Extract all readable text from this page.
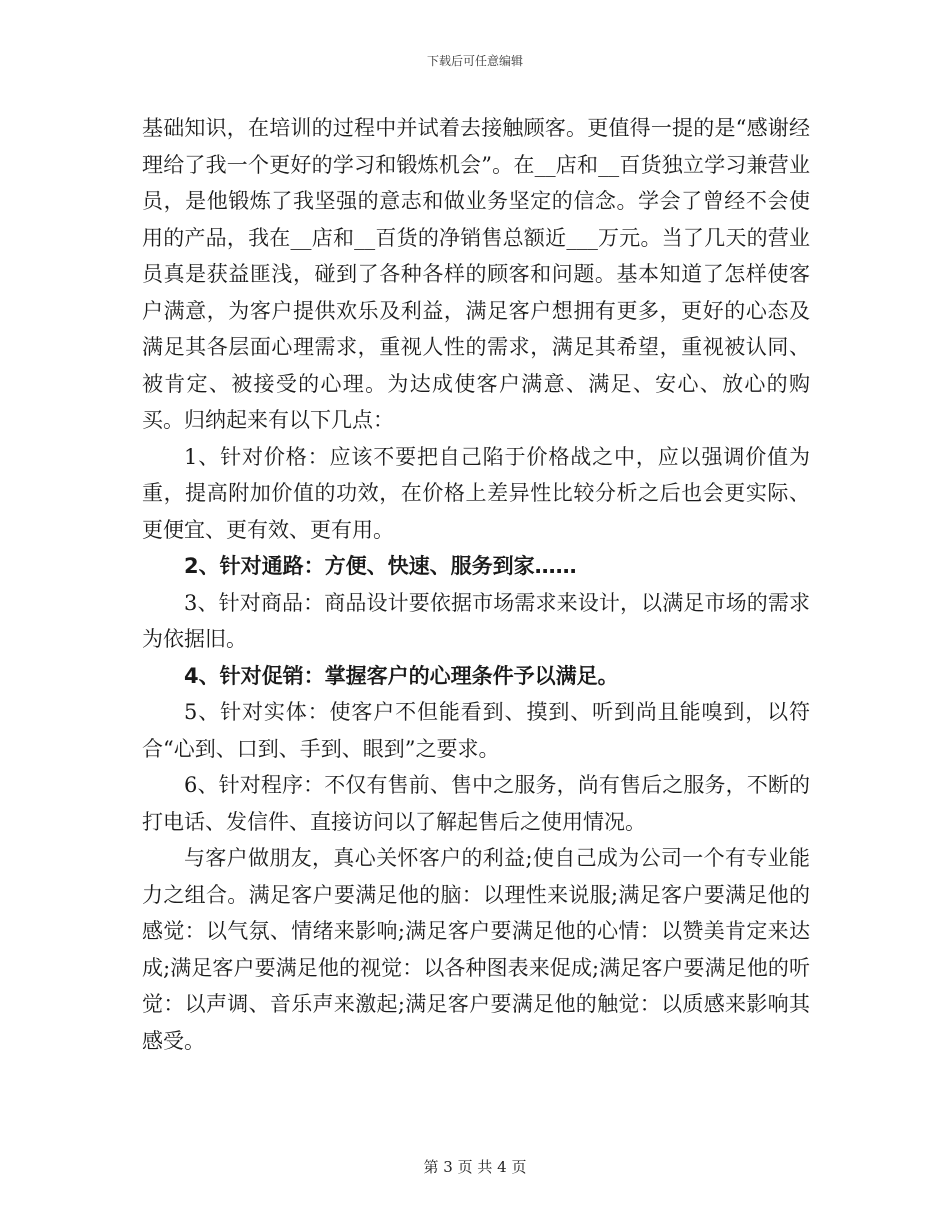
下载后可任意编辑

基础知识，在培训的过程中并试着去接触顾客。更值得一提的是“感谢经理给了我一个更好的学习和锻炼机会”。在__店和__百货独立学习兼营业员，是他锻炼了我坚强的意志和做业务坚定的信念。学会了曾经不会使用的产品，我在__店和__百货的净销售总额近___万元。当了几天的营业员真是获益匪浅，碰到了各种各样的顾客和问题。基本知道了怎样使客户满意，为客户提供欢乐及利益，满足客户想拥有更多，更好的心态及满足其各层面心理需求，重视人性的需求，满足其希望，重视被认同、被肯定、被接受的心理。为达成使客户满意、满足、安心、放心的购买。归纳起来有以下几点：

1、针对价格：应该不要把自己陷于价格战之中，应以强调价值为重，提高附加价值的功效，在价格上差异性比较分析之后也会更实际、更便宜、更有效、更有用。

2、针对通路：方便、快速、服务到家……

3、针对商品：商品设计要依据市场需求来设计，以满足市场的需求为依据旧。

4、针对促销：掌握客户的心理条件予以满足。

5、针对实体：使客户不但能看到、摸到、听到尚且能嗅到，以符合“心到、口到、手到、眼到”之要求。

6、针对程序：不仅有售前、售中之服务，尚有售后之服务，不断的打电话、发信件、直接访问以了解起售后之使用情况。

与客户做朋友，真心关怀客户的利益;使自己成为公司一个有专业能力之组合。满足客户要满足他的脑：以理性来说服;满足客户要满足他的感觉：以气氛、情绪来影响;满足客户要满足他的心情：以赞美肯定来达成;满足客户要满足他的视觉：以各种图表来促成;满足客户要满足他的听觉：以声调、音乐声来激起;满足客户要满足他的触觉：以质感来影响其感受。

第 3 页 共 4 页
